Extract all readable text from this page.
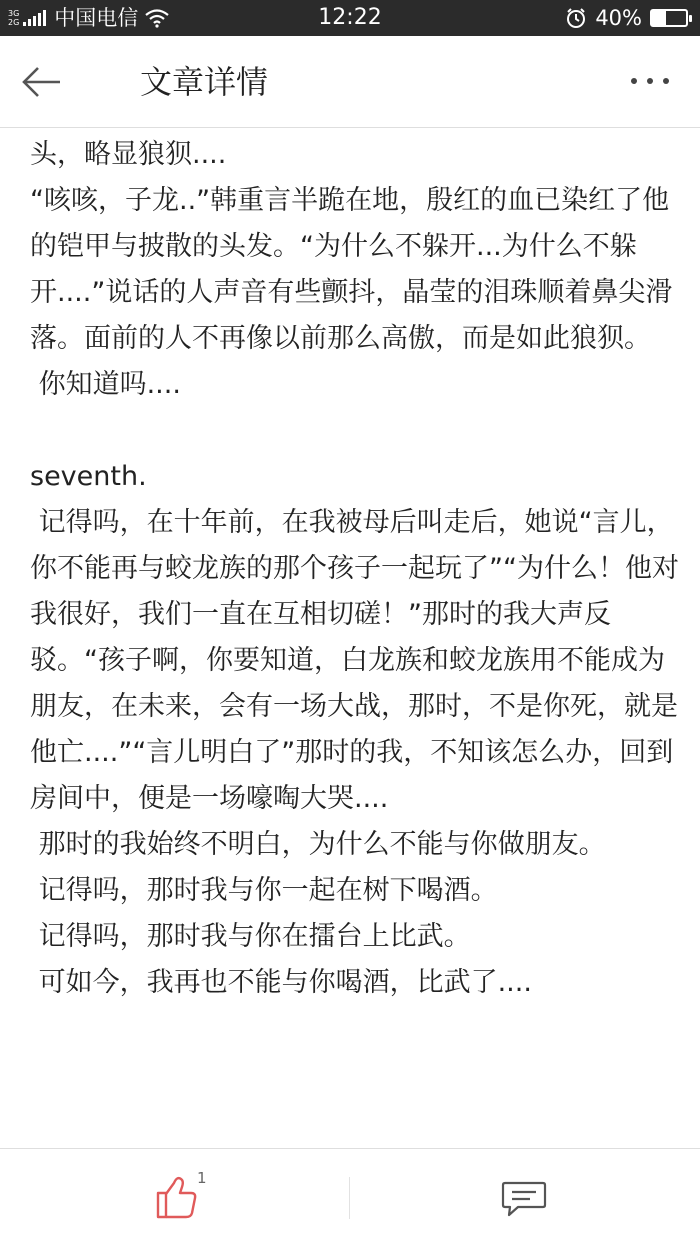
3G
2G 中国电信	12:22	40%
文章详情

头，略显狼狈....

“咳咳，子龙..”韩重言半跪在地，殷红的血已染红了他的铠甲与披散的头发。“为什么不躲开...为什么不躲开....”说话的人声音有些颤抖，晶莹的泪珠顺着鼻尖滑落。面前的人不再像以前那么高傲，而是如此狼狈。

你知道吗....

seventh.

记得吗，在十年前，在我被母后叫走后，她说“言儿，你不能再与蛟龙族的那个孩子一起玩了”“为什么！他对我很好，我们一直在互相切磋！”那时的我大声反驳。“孩子啊，你要知道，白龙族和蛟龙族用不能成为朋友，在未来，会有一场大战，那时，不是你死，就是他亡....”“言儿明白了”那时的我，不知该怎么办，回到房间中，便是一场嚎啕大哭....

那时的我始终不明白，为什么不能与你做朋友。

记得吗，那时我与你一起在树下喝酒。

记得吗，那时我与你在擂台上比武。

可如今，我再也不能与你喝酒，比武了....

1
